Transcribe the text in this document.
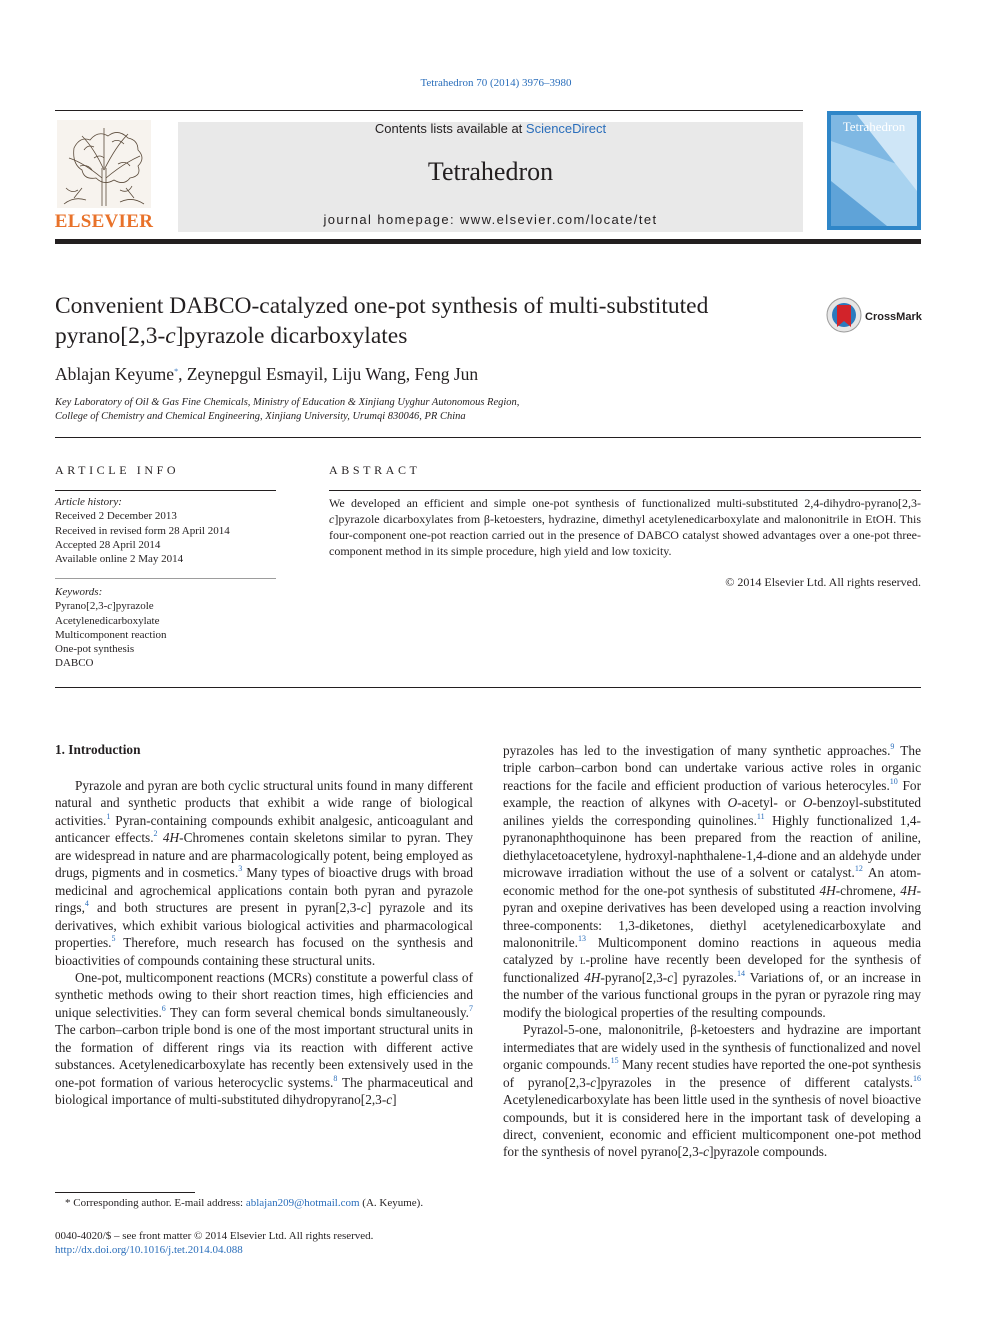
Tetrahedron 70 (2014) 3976–3980
ELSEVIER
Contents lists available at ScienceDirect
Tetrahedron
journal homepage: www.elsevier.com/locate/tet
Tetrahedron
Convenient DABCO-catalyzed one-pot synthesis of multi-substituted
pyrano[2,3-c]pyrazole dicarboxylates
CrossMark
Ablajan Keyume*, Zeynepgul Esmayil, Liju Wang, Feng Jun
Key Laboratory of Oil & Gas Fine Chemicals, Ministry of Education & Xinjiang Uyghur Autonomous Region,
College of Chemistry and Chemical Engineering, Xinjiang University, Urumqi 830046, PR China
ARTICLE INFO	ABSTRACT
Article history:
Received 2 December 2013
Received in revised form 28 April 2014
Accepted 28 April 2014
Available online 2 May 2014
Keywords:
Pyrano[2,3-c]pyrazole
Acetylenedicarboxylate
Multicomponent reaction
One-pot synthesis
DABCO
We developed an efficient and simple one-pot synthesis of functionalized multi-substituted 2,4-dihydro-pyrano[2,3-c]pyrazole dicarboxylates from β-ketoesters, hydrazine, dimethyl acetylenedicarboxylate and malononitrile in EtOH. This four-component one-pot reaction carried out in the presence of DABCO catalyst showed advantages over a one-pot three-component method in its simple procedure, high yield and low toxicity.
© 2014 Elsevier Ltd. All rights reserved.
1. Introduction

Pyrazole and pyran are both cyclic structural units found in many different natural and synthetic products that exhibit a wide range of biological activities.$^1$ Pyran-containing compounds exhibit analgesic, anticoagulant and anticancer effects.$^2$ 4H-Chromenes contain skeletons similar to pyran. They are widespread in nature and are pharmacologically potent, being employed as drugs, pigments and in cosmetics.$^3$ Many types of bioactive drugs with broad medicinal and agrochemical applications contain both pyran and pyrazole rings,$^4$ and both structures are present in pyran[2,3-c] pyrazole and its derivatives, which exhibit various biological activities and pharmacological properties.$^5$ Therefore, much research has focused on the synthesis and bioactivities of compounds containing these structural units.

One-pot, multicomponent reactions (MCRs) constitute a powerful class of synthetic methods owing to their short reaction times, high efficiencies and unique selectivities.$^6$ They can form several chemical bonds simultaneously.$^7$ The carbon–carbon triple bond is one of the most important structural units in the formation of different rings via its reaction with different active substances. Acetylenedicarboxylate has recently been extensively used in the one-pot formation of various heterocyclic systems.$^8$ The pharmaceutical and biological importance of multi-substituted dihydropyrano[2,3-c]

pyrazoles has led to the investigation of many synthetic approaches.$^9$ The triple carbon–carbon bond can undertake various active roles in organic reactions for the facile and efficient production of various heterocyles.$^{10}$ For example, the reaction of alkynes with O-acetyl- or O-benzoyl-substituted anilines yields the corresponding quinolines.$^{11}$ Highly functionalized 1,4-pyranonaphthoquinone has been prepared from the reaction of aniline, diethylacetoacetylene, hydroxyl-naphthalene-1,4-dione and an aldehyde under microwave irradiation without the use of a solvent or catalyst.$^{12}$ An atom-economic method for the one-pot synthesis of substituted 4H-chromene, 4H-pyran and oxepine derivatives has been developed using a reaction involving three-components: 1,3-diketones, diethyl acetylenedicarboxylate and malononitrile.$^{13}$ Multicomponent domino reactions in aqueous media catalyzed by l-proline have recently been developed for the synthesis of functionalized 4H-pyrano[2,3-c] pyrazoles.$^{14}$ Variations of, or an increase in the number of the various functional groups in the pyran or pyrazole ring may modify the biological properties of the resulting compounds.

Pyrazol-5-one, malononitrile, β-ketoesters and hydrazine are important intermediates that are widely used in the synthesis of functionalized and novel organic compounds.$^{15}$ Many recent studies have reported the one-pot synthesis of pyrano[2,3-c]pyrazoles in the presence of different catalysts.$^{16}$ Acetylenedicarboxylate has been little used in the synthesis of novel bioactive compounds, but it is considered here in the important task of developing a direct, convenient, economic and efficient multicomponent one-pot method for the synthesis of novel pyrano[2,3-c]pyrazole compounds.

* Corresponding author. E-mail address: ablajan209@hotmail.com (A. Keyume).
0040-4020/$ – see front matter © 2014 Elsevier Ltd. All rights reserved.
http://dx.doi.org/10.1016/j.tet.2014.04.088
